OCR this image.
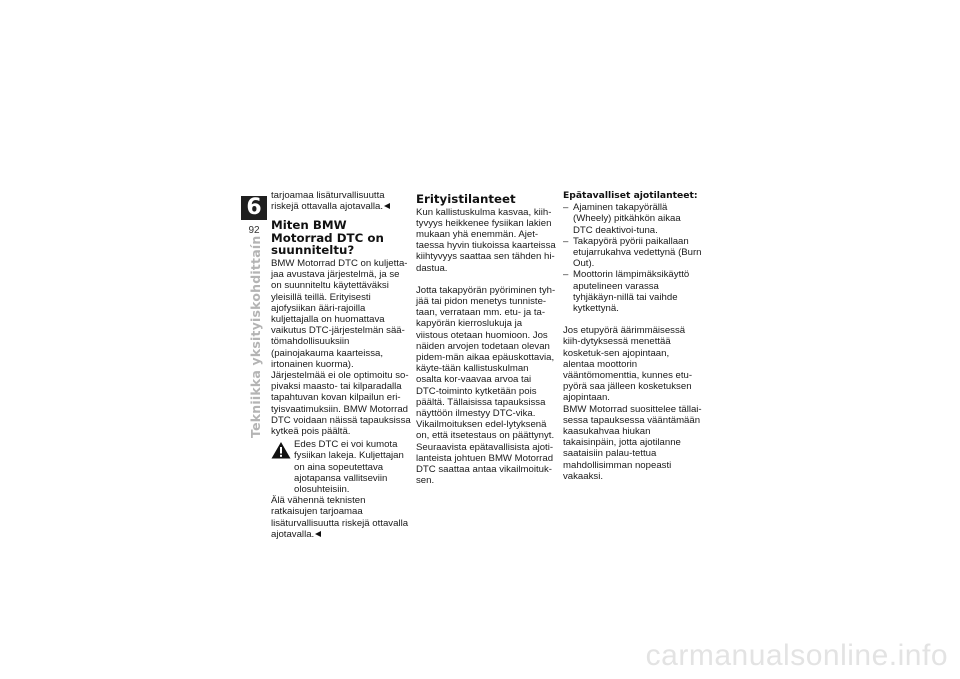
6
92
Tekniikka yksityiskohdittaín

tarjoamaa lisäturvallisuutta riskejä ottavalla ajotavalla.

Miten BMW Motorrad DTC on suunniteltu?

BMW Motorrad DTC on kuljetta-jaa avustava järjestelmä, ja se on suunniteltu käytettäväksi yleisillä teillä. Erityisesti ajofysiikan ääri-rajoilla kuljettajalla on huomattava vaikutus DTC-järjestelmän sää-tömahdollisuuksiin (painojakauma kaarteissa, irtonainen kuorma).

Järjestelmää ei ole optimoitu so-pivaksi maasto- tai kilparadalla tapahtuvan kovan kilpailun eri-tyisvaatimuksiin. BMW Motorrad DTC voidaan näissä tapauksissa kytkeä pois päältä.

Edes DTC ei voi kumota fysiikan lakeja. Kuljettajan on aina sopeutettava ajotapansa vallitseviin olosuhteisiin.

Älä vähennä teknisten ratkaisujen tarjoamaa lisäturvallisuutta riskejä ottavalla ajotavalla.

Erityistilanteet

Kun kallistuskulma kasvaa, kiih-tyvyys heikkenee fysiikan lakien mukaan yhä enemmän. Ajet-taessa hyvin tiukoissa kaarteissa kiihtyvyys saattaa sen tähden hi-dastua.

Jotta takapyörän pyöriminen tyh-jää tai pidon menetys tunniste-taan, verrataan mm. etu- ja ta-kapyörän kierroslukuja ja viistous otetaan huomioon. Jos näiden arvojen todetaan olevan pidem-män aikaa epäuskottavia, käyte-tään kallistuskulman osalta kor-vaavaa arvoa tai DTC-toiminto kytketään pois päältä. Tällaisissa tapauksissa näyttöön ilmestyy DTC-vika. Vikailmoituksen edel-lytyksenä on, että itsetestaus on päättynyt.

Seuraavista epätavallisista ajoti-lanteista johtuen BMW Motorrad DTC saattaa antaa vikailmoituk-sen.

Epätavalliset ajotilanteet:
– Ajaminen takapyörällä (Wheely) pitkähkön aikaa DTC deaktivoi-tuna.
– Takapyörä pyörii paikallaan etujarrukahva vedettynä (Burn Out).
– Moottorin lämpimäksikäyttö aputelineen varassa tyhjäkäyn-nillä tai vaihde kytkettynä.

Jos etupyörä äärimmäisessä kiih-dytyksessä menettää kosketuk-sen ajopintaan, alentaa moottorin vääntömomenttia, kunnes etu-pyörä saa jälleen kosketuksen ajopintaan.

BMW Motorrad suosittelee tällai-sessa tapauksessa vääntämään kaasukahvaa hiukan takaisinpäin, jotta ajotilanne saataisiin palau-tettua mahdollisimman nopeasti vakaaksi.

carmanualsonline.info
